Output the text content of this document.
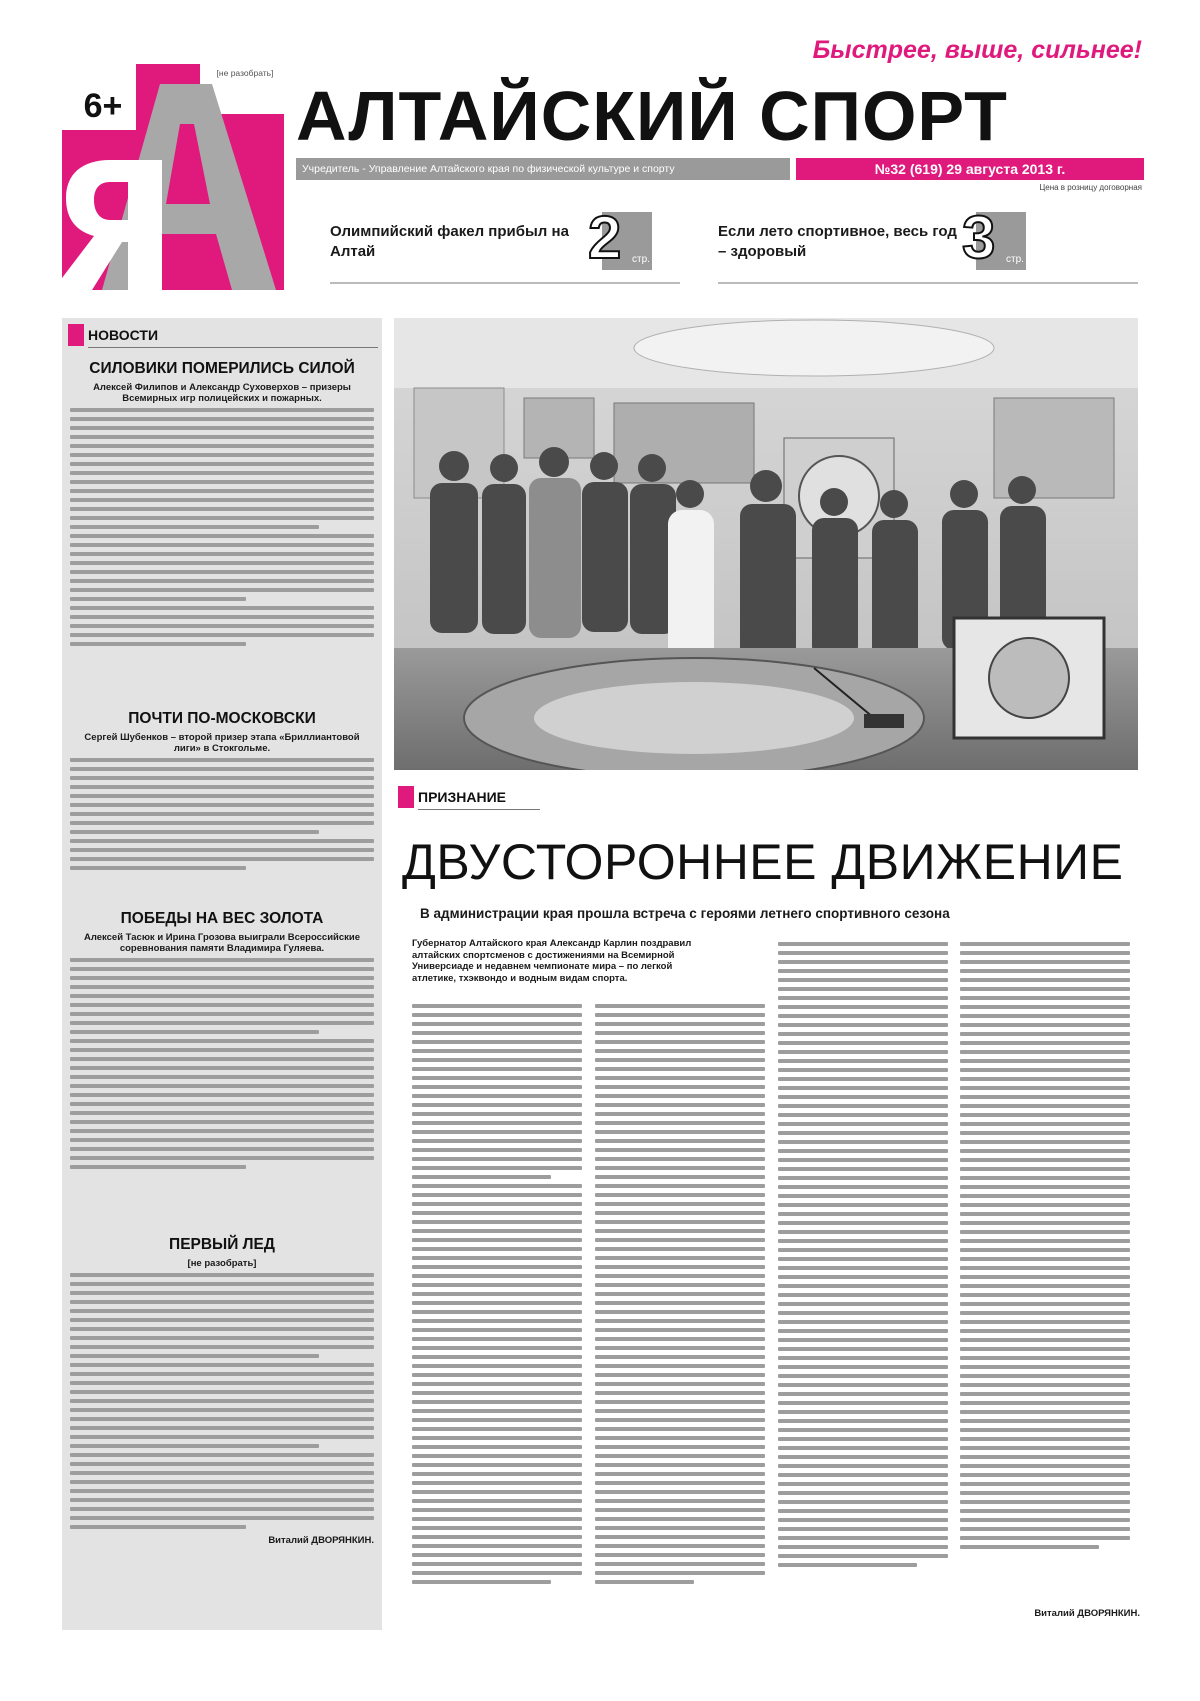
6+
[не разобрать]
Быстрее, выше, сильнее!
АЛТАЙСКИЙ СПОРТ
Учредитель - Управление Алтайского края по физической культуре и спорту	№32 (619) 29 августа 2013 г.
Цена в розницу договорная
Олимпийский факел прибыл на Алтай	2 стр.
Если лето спортивное, весь год – здоровый	3 стр.
НОВОСТИ
СИЛОВИКИ ПОМЕРИЛИСЬ СИЛОЙ
Алексей Филипов и Александр Суховерхов – призеры Всемирных игр полицейских и пожарных.
ПОЧТИ ПО-МОСКОВСКИ
Сергей Шубенков – второй призер этапа «Бриллиантовой лиги» в Стокгольме.
ПОБЕДЫ НА ВЕС ЗОЛОТА
Алексей Тасюк и Ирина Грозова выиграли Всероссийские соревнования памяти Владимира Гуляева.
ПЕРВЫЙ ЛЕД
[не разобрать]
Виталий ДВОРЯНКИН.
ПРИЗНАНИЕ
ДВУСТОРОННЕЕ ДВИЖЕНИЕ
В администрации края прошла встреча с героями летнего спортивного сезона
Губернатор Алтайского края Александр Карлин поздравил алтайских спортсменов с достижениями на Всемирной Универсиаде и недавнем чемпионате мира – по легкой атлетике, тхэквондо и водным видам спорта.
Виталий ДВОРЯНКИН.
